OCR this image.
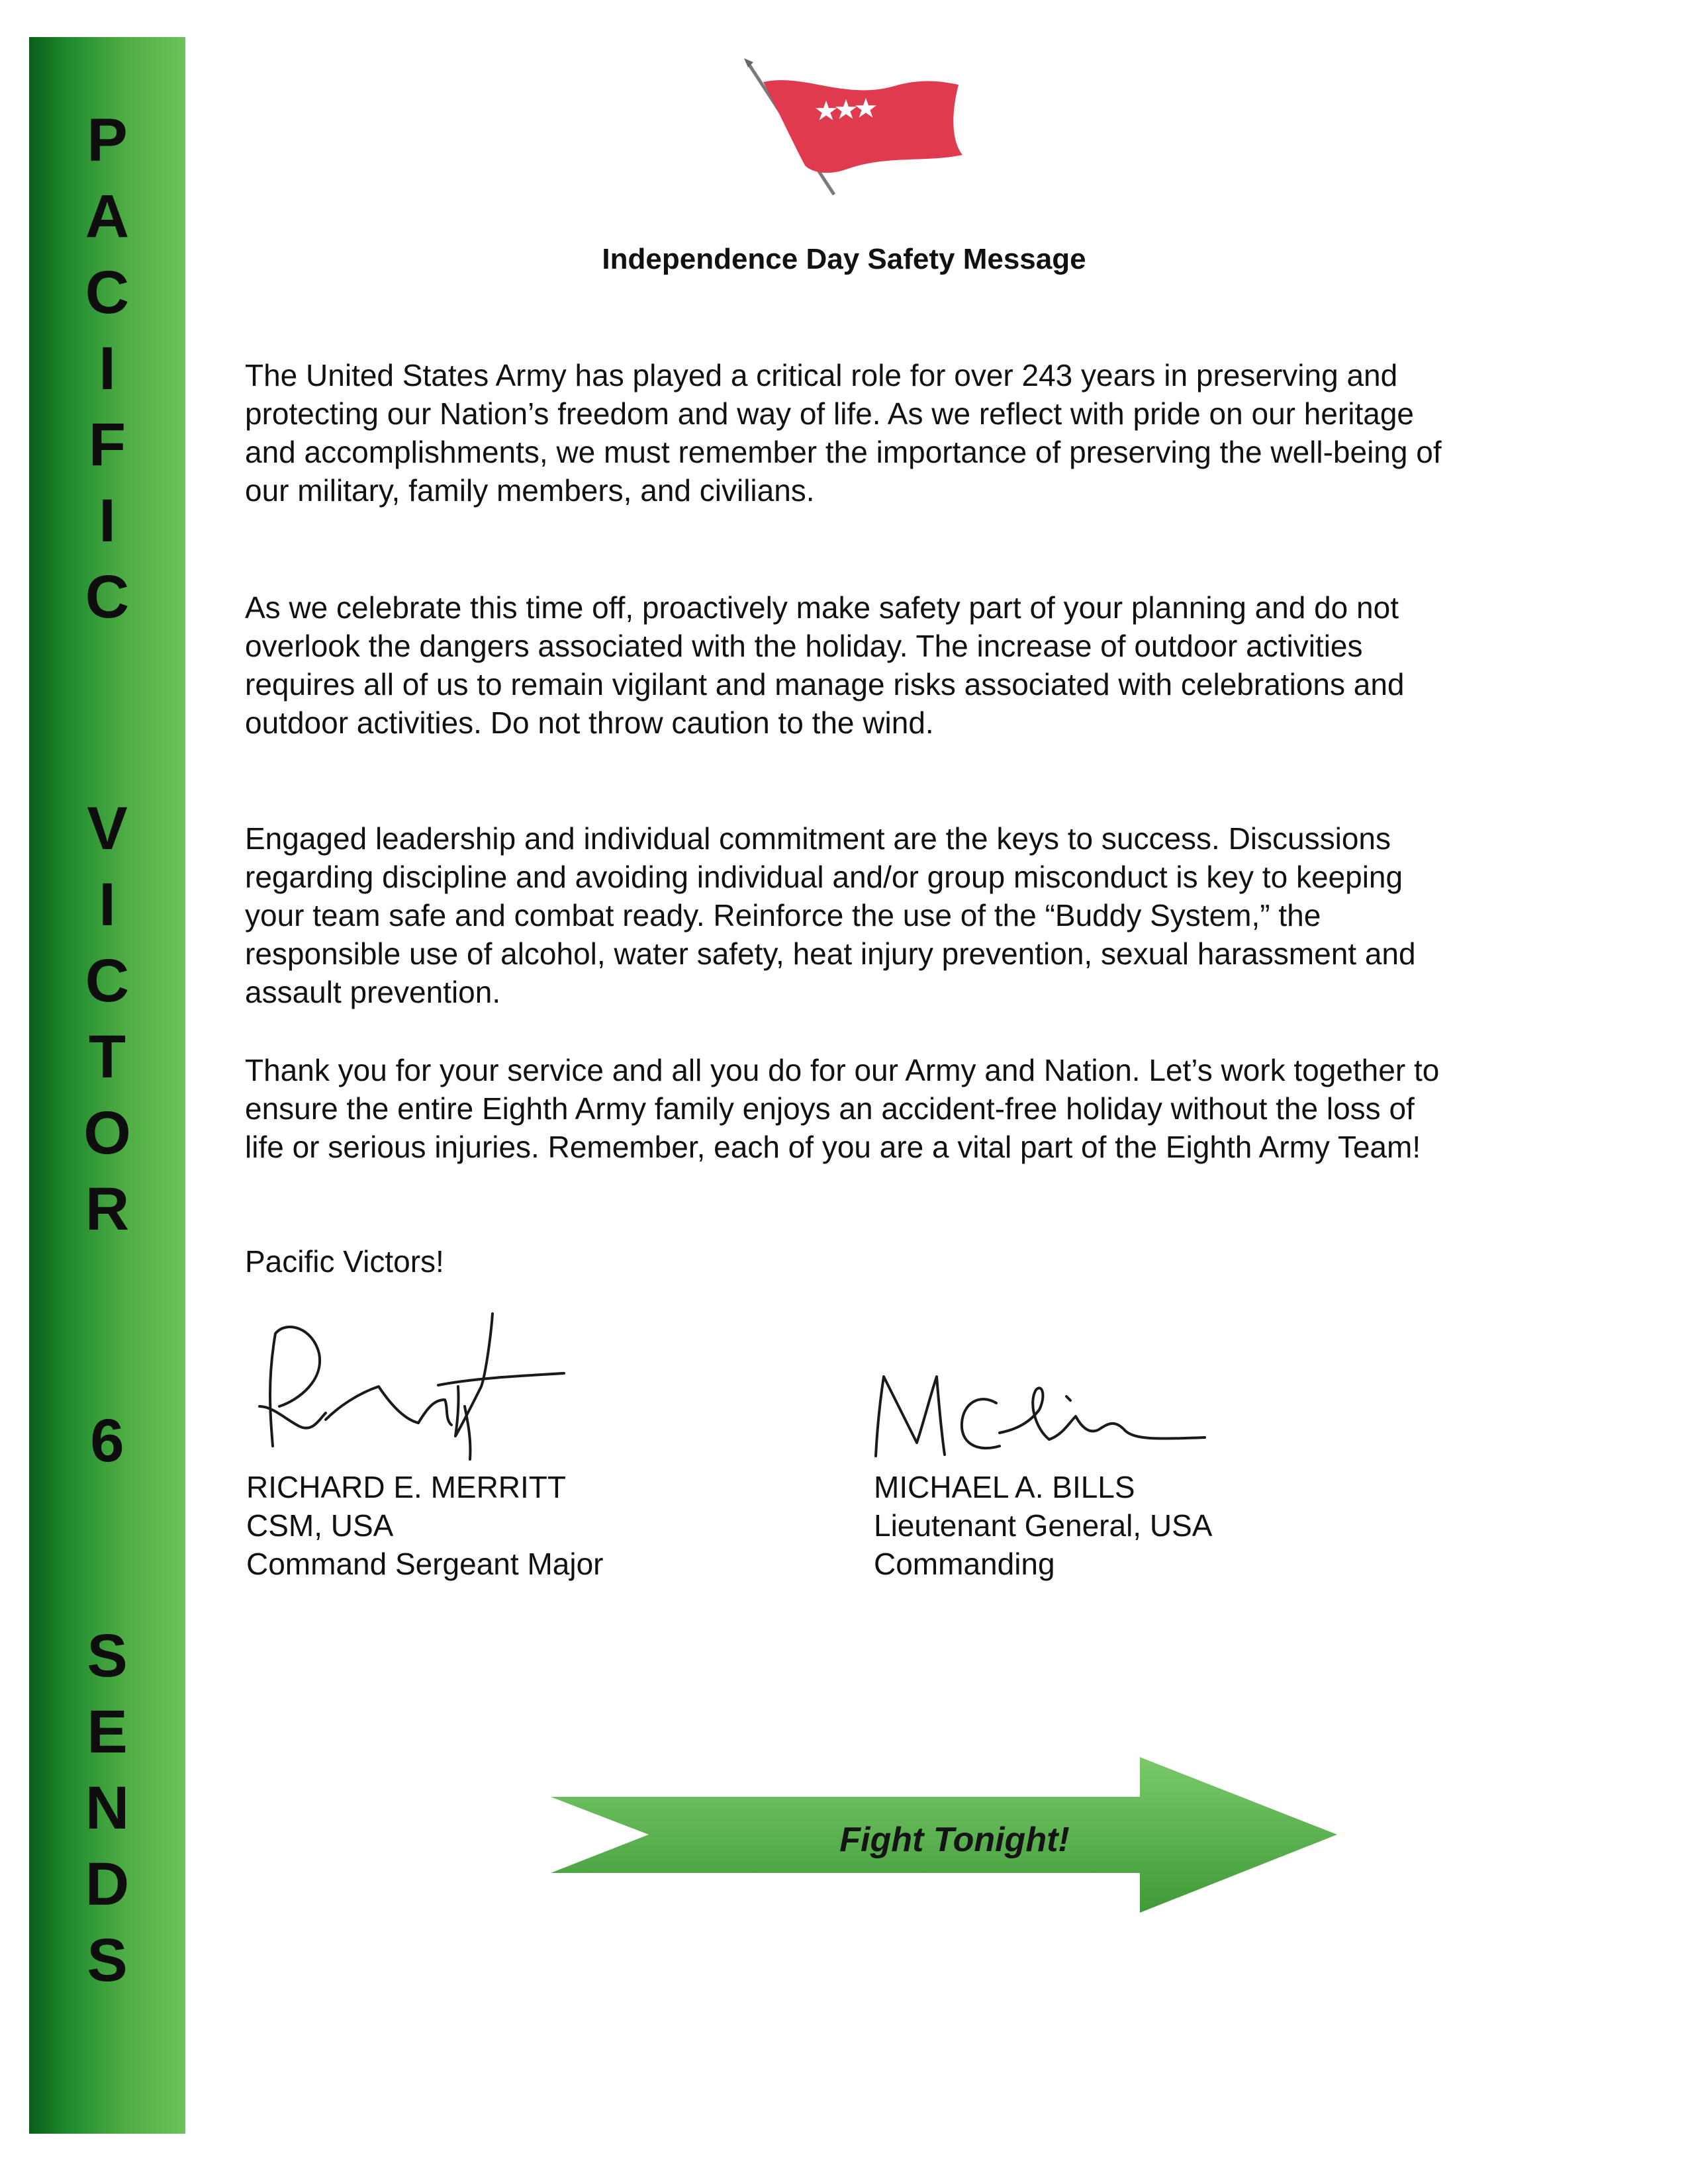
P
A
C
I
F
I
C
V
I
C
T
O
R
6
S
E
N
D
S
Independence Day Safety Message
The United States Army has played a critical role for over 243 years in preserving and protecting our Nation’s freedom and way of life. As we reflect with pride on our heritage and accomplishments, we must remember the importance of preserving the well-being of our military, family members, and civilians.
As we celebrate this time off, proactively make safety part of your planning and do not overlook the dangers associated with the holiday. The increase of outdoor activities requires all of us to remain vigilant and manage risks associated with celebrations and outdoor activities. Do not throw caution to the wind.
Engaged leadership and individual commitment are the keys to success. Discussions regarding discipline and avoiding individual and/or group misconduct is key to keeping your team safe and combat ready. Reinforce the use of the “Buddy System,” the responsible use of alcohol, water safety, heat injury prevention, sexual harassment and assault prevention.
Thank you for your service and all you do for our Army and Nation. Let’s work together to ensure the entire Eighth Army family enjoys an accident-free holiday without the loss of life or serious injuries. Remember, each of you are a vital part of the Eighth Army Team!
Pacific Victors!
RICHARD E. MERRITT
CSM, USA
Command Sergeant Major
MICHAEL A. BILLS
Lieutenant General, USA
Commanding
Fight Tonight!
